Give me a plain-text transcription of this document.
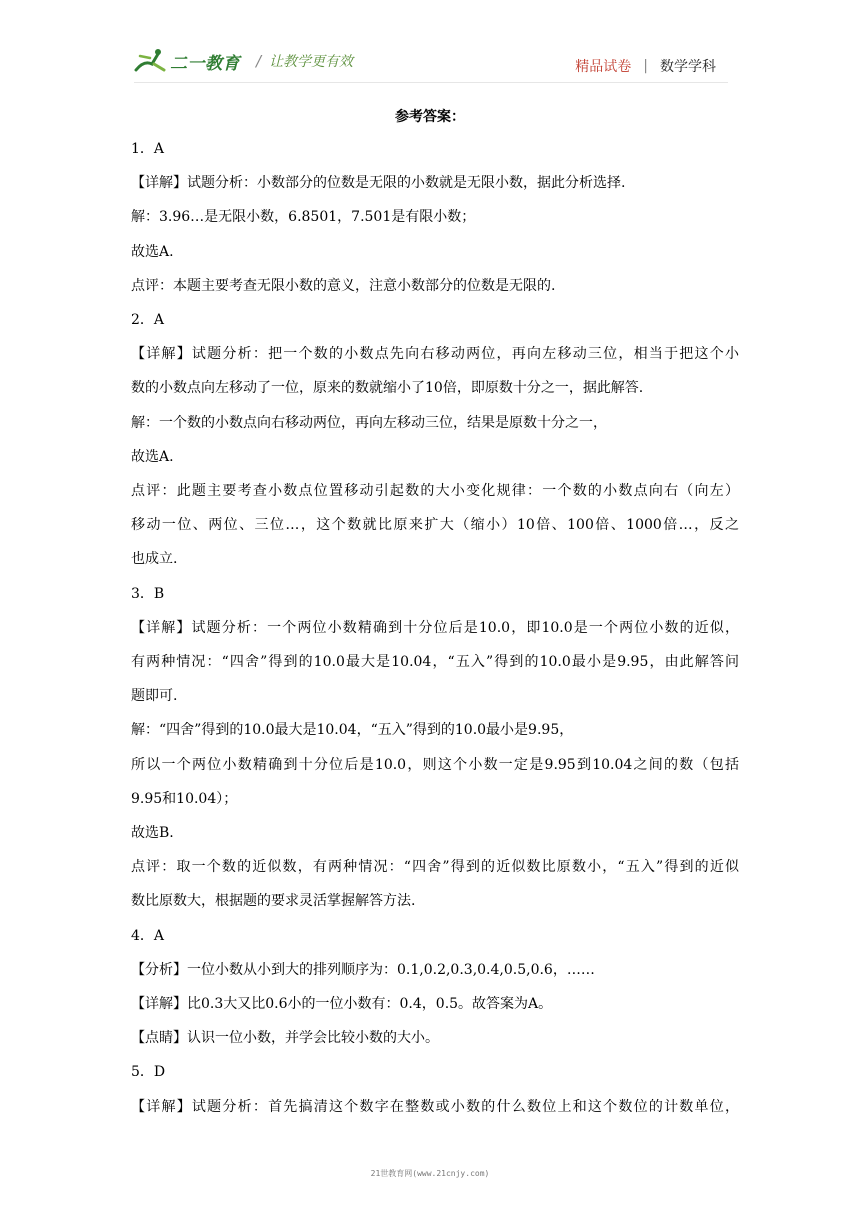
二一教育 / 让教学更有效	精品试卷 | 数学学科
参考答案：
1．A
【详解】试题分析：小数部分的位数是无限的小数就是无限小数，据此分析选择.
解：3.96…是无限小数，6.8501，7.501是有限小数；
故选A.
点评：本题主要考查无限小数的意义，注意小数部分的位数是无限的.
2．A
【详解】试题分析：把一个数的小数点先向右移动两位，再向左移动三位，相当于把这个小
数的小数点向左移动了一位，原来的数就缩小了10倍，即原数十分之一，据此解答.
解：一个数的小数点向右移动两位，再向左移动三位，结果是原数十分之一，
故选A.
点评：此题主要考查小数点位置移动引起数的大小变化规律：一个数的小数点向右（向左）
移动一位、两位、三位…，这个数就比原来扩大（缩小）10倍、100倍、1000倍…，反之
也成立.
3．B
【详解】试题分析：一个两位小数精确到十分位后是10.0，即10.0是一个两位小数的近似，
有两种情况：“四舍”得到的10.0最大是10.04，“五入”得到的10.0最小是9.95，由此解答问
题即可.
解：“四舍”得到的10.0最大是10.04，“五入”得到的10.0最小是9.95，
所以一个两位小数精确到十分位后是10.0，则这个小数一定是9.95到10.04之间的数（包括
9.95和10.04）；
故选B.
点评：取一个数的近似数，有两种情况：“四舍”得到的近似数比原数小，“五入”得到的近似
数比原数大，根据题的要求灵活掌握解答方法.
4．A
【分析】一位小数从小到大的排列顺序为：0.1,0.2,0.3,0.4,0.5,0.6，……
【详解】比0.3大又比0.6小的一位小数有：0.4，0.5。故答案为A。
【点睛】认识一位小数，并学会比较小数的大小。
5．D
【详解】试题分析：首先搞清这个数字在整数或小数的什么数位上和这个数位的计数单位，
21世教育网(www.21cnjy.com)
